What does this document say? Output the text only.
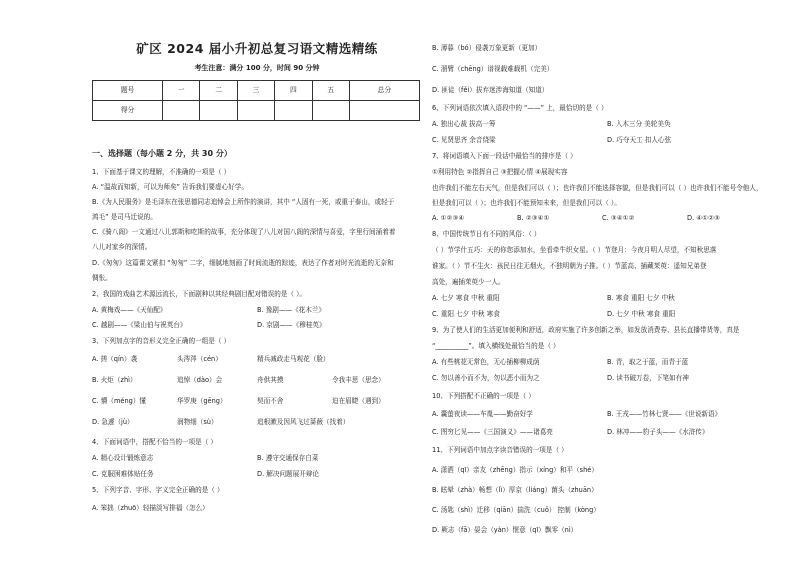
矿区 2024 届小升初总复习语文精选精练
考生注意：满分 100 分，时间 90 分钟
题号	一	二	三	四	五	总分
得分						
一、选择题（每小题 2 分，共 30 分）
1、下面基于课文的理解，不准确的一项是（ ）
A. “温故而知新，可以为师矣” 告诉我们要虚心好学。
B.《为人民服务》是毛泽东在张思德同志追悼会上所作的演讲，其中 “人固有一死，或重于泰山，或轻于
鸿毛” 是司马迁说的。
C.《骑八阁》一文通过八儿郭斯和吃斯的故事，充分体现了八儿对国八阁的深情与喜爱，字里行间涌着着
八儿对家乡的深情。
D.《匆匆》这篇课文紧扣 “匆匆” 二字，细腻地刻画了时间流逝的踪迹，表达了作者对时光流逝的无奈和
惆怅。
2、我国的戏曲艺术源远流长，下面剧种以其经典剧目配对错误的是（ ）。
A. 黄梅戏——《天仙配》	B. 豫剧——《花木兰》
C. 越剧——《梁山伯与祝英台》	D. 京剧——《穆桂英》
3、下列加点字的音形义完全正确的一组是（ ）
A. 搓（qín）袭	头涔涔（cén）	精兵减政走马观花（脸）
B. 火炬（zhì）	追悼（dào）会	舟供其摸	令我丰思（思念）
C. 懵（méng）懂	华罗庚（gēng）	契而不舍	迫在眉睫（遇到）
D. 急遽（jù）	润物细（sù）	追根漱及因风飞过蔷薇（找着）
4、下面词语中，搭配不恰当的一项是（ ）
A. 精心设计锻炼意志	B. 遵守交通保存白菜
C. 克服困难体贴任务	D. 解决问题展开辩论
5、下列字音、字形、字义完全正确的是（ ）
A. 笨拙（zhuō）轻描淡写排福（怎么）
B. 薄暮（bó）侵袭万象更新（更加）
C. 溜臂（chēng）谱视载难载机（完美）
D. 匪徒（fěi）拔弃迷涉海知道（知道）
6、下列词语依次填入语段中的 “——” 上，最恰切的是（ ）
A. 独出心裁 拔高一筹	B. 入木三分 美轮美奂
C. 见贤思齐 余音绕梁	D. 巧夺天工 扣人心弦
7、将词语填入下面一段话中最恰当的排序是（ ）
①利用特色 ②指挥自己 ③把握心情 ④展现实容
也许我们不能左右天气，但是我们可以（ ）；也许我们不能选择容貌，但是我们可以（ ）也许我们不能号令他人，
但是我们可以（ ）；也许我们不能预知未来，但是我们可以（ ）。
A. ①②③④	B. ②③④①	C. ③④①②	D. ④①②③
8、中国传统节日有不同的风俗：（ ）
（ ）节学什五巧：天的你您添加水，坐看牵牛织女星。（ ）节登月：今夜月明人尽望，不知秋思落
谁家。（ ）节不生火：孩民日往无烟火，不独明朝为子推。（ ）节蓝高、插藏茱萸：遥知兄弟登
高处，遍插茱萸少一人。
A. 七夕 寒食 中秋 重阳	B. 寒食 重阳 七夕 中秋
C. 重阳 七夕 中秋 寒食	D. 七夕 中秋 寒食 重阳
9、为了使人们的生活更加便利和舒适，政府实施了许多创新之举，如发放消费券、县长直播带货等，真是
“__________”。填入横线处最恰当的是（ ）
A. 有些桃花无常色，无心插柳柳成荫	B. 青，取之于蓝，而青于蓝
C. 勿以善小而不为，勿以恶小而为之	D. 读书破万卷，下笔如有神
10、下列搭配不正确的一项是（ ）
A. 囊萤夜读——车胤——勤奋好学	B. 王戎——竹林七贤——《世说新语》
C. 图穷匕见——《三国演义》——诸葛亮	D. 林冲——豹子头——《水浒传》
11、下列词语中加点字读音错误的一项是（ ）
A. 潇洒（qī）亲友（zhēng）指示（xíng）和平（shé）
B. 眩晕（zhà）畅想（lì）厚京（liáng）菌头（zhuān）
C. 汤匙（shì）迁移（qiān）揣洗（cuǒ） 控制（kòng）
D. 厥志（fā）晏会（yàn）惬意（qī）飘零（nì）
